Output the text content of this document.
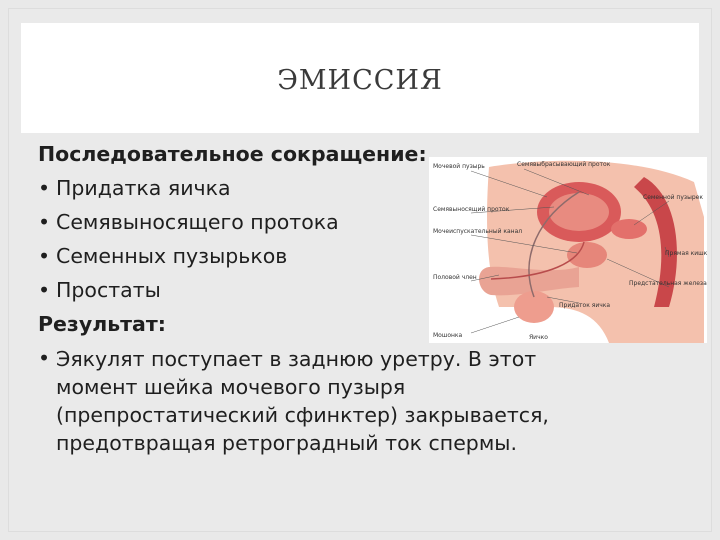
ЭМИССИЯ
Мочевой пузырь	Семявыбрасывающий проток
Семявыносящий проток
Мочеиспускательный канал
Семенной пузырек
Прямая кишка
Половой член
Предстательная железа
Придаток яичка
Мошонка	Яичко
Последовательное сокращение:
• Придатка яичка
• Семявыносящего протока
• Семенных пузырьков
• Простаты
Результат:
• Эякулят поступает в заднюю уретру. В этот момент шейка мочевого пузыря (препростатический сфинктер) закрывается, предотвращая ретроградный ток спермы.
